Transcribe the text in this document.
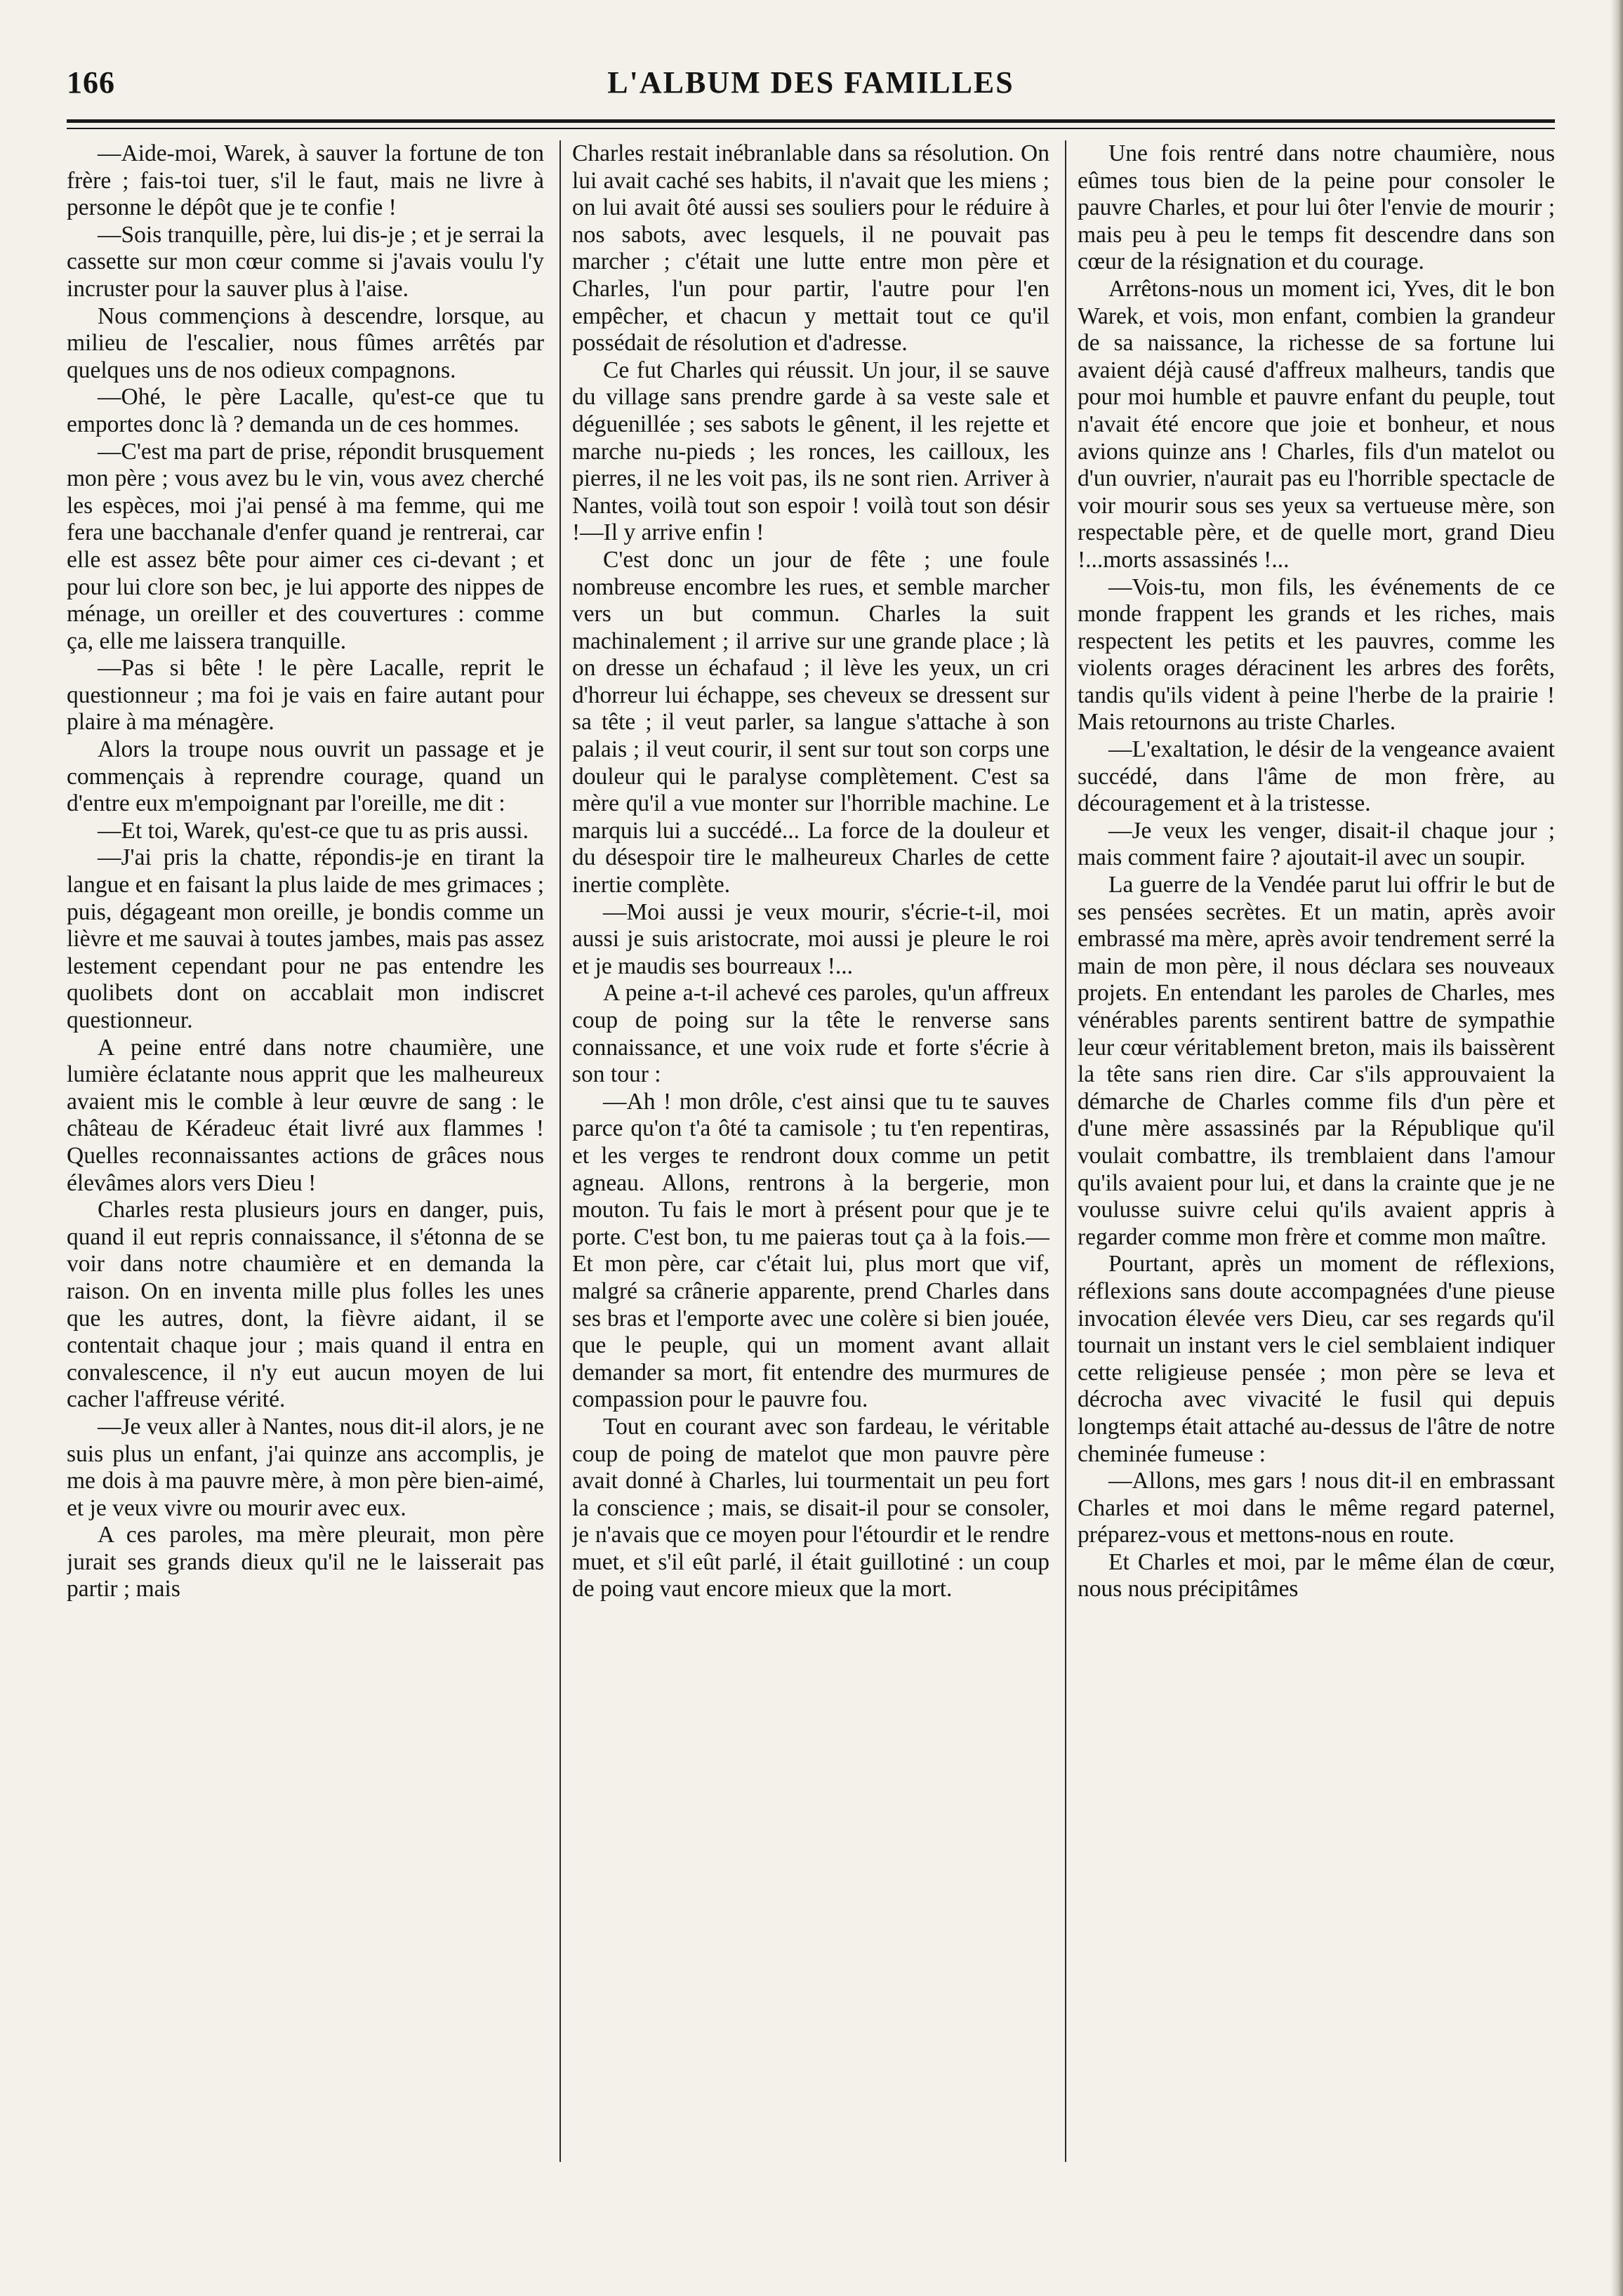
166	L'ALBUM DES FAMILLES

—Aide-moi, Warek, à sauver la fortune de ton frère ; fais-toi tuer, s'il le faut, mais ne livre à personne le dépôt que je te confie !

—Sois tranquille, père, lui dis-je ; et je serrai la cassette sur mon cœur comme si j'avais voulu l'y incruster pour la sauver plus à l'aise.

Nous commençions à descendre, lorsque, au milieu de l'escalier, nous fûmes arrêtés par quelques uns de nos odieux compagnons.

—Ohé, le père Lacalle, qu'est-ce que tu emportes donc là ? demanda un de ces hommes.

—C'est ma part de prise, répondit brusquement mon père ; vous avez bu le vin, vous avez cherché les espèces, moi j'ai pensé à ma femme, qui me fera une bacchanale d'enfer quand je rentrerai, car elle est assez bête pour aimer ces ci-devant ; et pour lui clore son bec, je lui apporte des nippes de ménage, un oreiller et des couvertures : comme ça, elle me laissera tranquille.

—Pas si bête ! le père Lacalle, reprit le questionneur ; ma foi je vais en faire autant pour plaire à ma ménagère.

Alors la troupe nous ouvrit un passage et je commençais à reprendre courage, quand un d'entre eux m'empoignant par l'oreille, me dit :

—Et toi, Warek, qu'est-ce que tu as pris aussi.

—J'ai pris la chatte, répondis-je en tirant la langue et en faisant la plus laide de mes grimaces ; puis, dégageant mon oreille, je bondis comme un lièvre et me sauvai à toutes jambes, mais pas assez lestement cependant pour ne pas entendre les quolibets dont on accablait mon indiscret questionneur.

A peine entré dans notre chaumière, une lumière éclatante nous apprit que les malheureux avaient mis le comble à leur œuvre de sang : le château de Kéradeuc était livré aux flammes ! Quelles reconnaissantes actions de grâces nous élevâmes alors vers Dieu !

Charles resta plusieurs jours en danger, puis, quand il eut repris connaissance, il s'étonna de se voir dans notre chaumière et en demanda la raison. On en inventa mille plus folles les unes que les autres, dont, la fièvre aidant, il se contentait chaque jour ; mais quand il entra en convalescence, il n'y eut aucun moyen de lui cacher l'affreuse vérité.

—Je veux aller à Nantes, nous dit-il alors, je ne suis plus un enfant, j'ai quinze ans accomplis, je me dois à ma pauvre mère, à mon père bien-aimé, et je veux vivre ou mourir avec eux.

A ces paroles, ma mère pleurait, mon père jurait ses grands dieux qu'il ne le laisserait pas partir ; mais

Charles restait inébranlable dans sa résolution. On lui avait caché ses habits, il n'avait que les miens ; on lui avait ôté aussi ses souliers pour le réduire à nos sabots, avec lesquels, il ne pouvait pas marcher ; c'était une lutte entre mon père et Charles, l'un pour partir, l'autre pour l'en empêcher, et chacun y mettait tout ce qu'il possédait de résolution et d'adresse.

Ce fut Charles qui réussit. Un jour, il se sauve du village sans prendre garde à sa veste sale et déguenillée ; ses sabots le gênent, il les rejette et marche nu-pieds ; les ronces, les cailloux, les pierres, il ne les voit pas, ils ne sont rien. Arriver à Nantes, voilà tout son espoir ! voilà tout son désir !—Il y arrive enfin !

C'est donc un jour de fête ; une foule nombreuse encombre les rues, et semble marcher vers un but commun. Charles la suit machinalement ; il arrive sur une grande place ; là on dresse un échafaud ; il lève les yeux, un cri d'horreur lui échappe, ses cheveux se dressent sur sa tête ; il veut parler, sa langue s'attache à son palais ; il veut courir, il sent sur tout son corps une douleur qui le paralyse complètement. C'est sa mère qu'il a vue monter sur l'horrible machine. Le marquis lui a succédé... La force de la douleur et du désespoir tire le malheureux Charles de cette inertie complète.

—Moi aussi je veux mourir, s'écrie-t-il, moi aussi je suis aristocrate, moi aussi je pleure le roi et je maudis ses bourreaux !...

A peine a-t-il achevé ces paroles, qu'un affreux coup de poing sur la tête le renverse sans connaissance, et une voix rude et forte s'écrie à son tour :

—Ah ! mon drôle, c'est ainsi que tu te sauves parce qu'on t'a ôté ta camisole ; tu t'en repentiras, et les verges te rendront doux comme un petit agneau. Allons, rentrons à la bergerie, mon mouton. Tu fais le mort à présent pour que je te porte. C'est bon, tu me paieras tout ça à la fois.—Et mon père, car c'était lui, plus mort que vif, malgré sa crânerie apparente, prend Charles dans ses bras et l'emporte avec une colère si bien jouée, que le peuple, qui un moment avant allait demander sa mort, fit entendre des murmures de compassion pour le pauvre fou.

Tout en courant avec son fardeau, le véritable coup de poing de matelot que mon pauvre père avait donné à Charles, lui tourmentait un peu fort la conscience ; mais, se disait-il pour se consoler, je n'avais que ce moyen pour l'étourdir et le rendre muet, et s'il eût parlé, il était guillotiné : un coup de poing vaut encore mieux que la mort.

Une fois rentré dans notre chaumière, nous eûmes tous bien de la peine pour consoler le pauvre Charles, et pour lui ôter l'envie de mourir ; mais peu à peu le temps fit descendre dans son cœur de la résignation et du courage.

Arrêtons-nous un moment ici, Yves, dit le bon Warek, et vois, mon enfant, combien la grandeur de sa naissance, la richesse de sa fortune lui avaient déjà causé d'affreux malheurs, tandis que pour moi humble et pauvre enfant du peuple, tout n'avait été encore que joie et bonheur, et nous avions quinze ans ! Charles, fils d'un matelot ou d'un ouvrier, n'aurait pas eu l'horrible spectacle de voir mourir sous ses yeux sa vertueuse mère, son respectable père, et de quelle mort, grand Dieu !...morts assassinés !...

—Vois-tu, mon fils, les événements de ce monde frappent les grands et les riches, mais respectent les petits et les pauvres, comme les violents orages déracinent les arbres des forêts, tandis qu'ils vident à peine l'herbe de la prairie ! Mais retournons au triste Charles.

—L'exaltation, le désir de la vengeance avaient succédé, dans l'âme de mon frère, au découragement et à la tristesse.

—Je veux les venger, disait-il chaque jour ; mais comment faire ? ajoutait-il avec un soupir.

La guerre de la Vendée parut lui offrir le but de ses pensées secrètes. Et un matin, après avoir embrassé ma mère, après avoir tendrement serré la main de mon père, il nous déclara ses nouveaux projets. En entendant les paroles de Charles, mes vénérables parents sentirent battre de sympathie leur cœur véritablement breton, mais ils baissèrent la tête sans rien dire. Car s'ils approuvaient la démarche de Charles comme fils d'un père et d'une mère assassinés par la République qu'il voulait combattre, ils tremblaient dans l'amour qu'ils avaient pour lui, et dans la crainte que je ne voulusse suivre celui qu'ils avaient appris à regarder comme mon frère et comme mon maître.

Pourtant, après un moment de réflexions, réflexions sans doute accompagnées d'une pieuse invocation élevée vers Dieu, car ses regards qu'il tournait un instant vers le ciel semblaient indiquer cette religieuse pensée ; mon père se leva et décrocha avec vivacité le fusil qui depuis longtemps était attaché au-dessus de l'âtre de notre cheminée fumeuse :

—Allons, mes gars ! nous dit-il en embrassant Charles et moi dans le même regard paternel, préparez-vous et mettons-nous en route.

Et Charles et moi, par le même élan de cœur, nous nous précipitâmes
